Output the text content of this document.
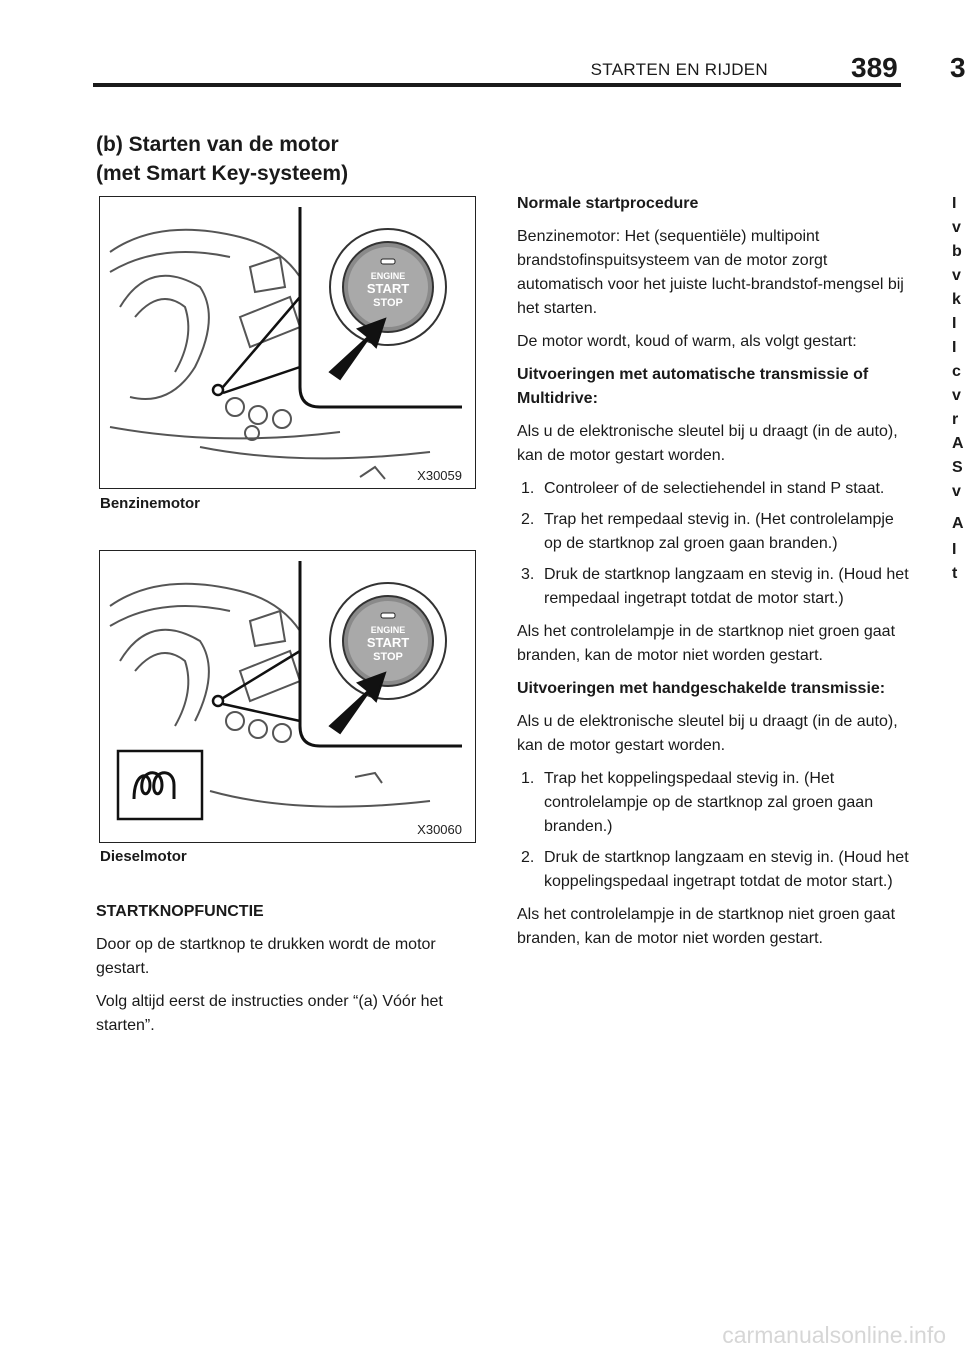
STARTEN EN RIJDEN	389 3
(b) Starten van de motor
(met Smart Key‑systeem)
ENGINE
START
STOP
X30059
Benzinemotor
ENGINE
START
STOP
X30060
Dieselmotor

STARTKNOPFUNCTIE

Door op de startknop te drukken wordt de motor gestart.

Volg altijd eerst de instructies onder “(a) Vóór het starten”.

Normale startprocedure

Benzinemotor: Het (sequentiële) multipoint brandstofinspuitsysteem van de motor zorgt automatisch voor het juiste lucht‑brandstof-mengsel bij het starten.

De motor wordt, koud of warm, als volgt gestart:

Uitvoeringen met automatische transmissie of Multidrive:

Als u de elektronische sleutel bij u draagt (in de auto), kan de motor gestart worden.

1. Controleer of de selectiehendel in stand P staat.
2. Trap het rempedaal stevig in. (Het controlelampje op de startknop zal groen gaan branden.)
3. Druk de startknop langzaam en stevig in. (Houd het rempedaal ingetrapt totdat de motor start.)

Als het controlelampje in de startknop niet groen gaat branden, kan de motor niet worden gestart.

Uitvoeringen met handgeschakelde transmissie:

Als u de elektronische sleutel bij u draagt (in de auto), kan de motor gestart worden.

1. Trap het koppelingspedaal stevig in. (Het controlelampje op de startknop zal groen gaan branden.)
2. Druk de startknop langzaam en stevig in. (Houd het koppelingspedaal ingetrapt totdat de motor start.)

Als het controlelampje in de startknop niet groen gaat branden, kan de motor niet worden gestart.

I
v
b
v
k
I
I
c
v
r
A
S
v
A
I
t
carmanualsonline.info
